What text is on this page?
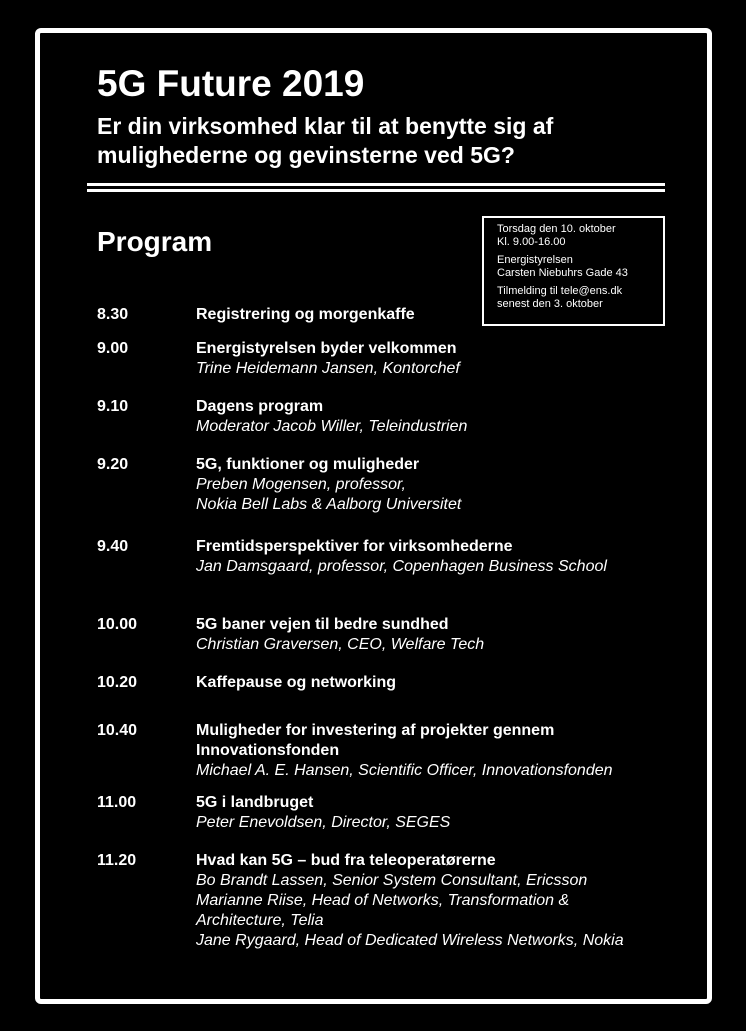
5G Future 2019
Er din virksomhed klar til at benytte sig af mulighederne og gevinsterne ved 5G?
Program	Torsdag den 10. oktober
Kl. 9.00-16.00
Energistyrelsen
Carsten Niebuhrs Gade 43
Tilmelding til tele@ens.dk
senest den 3. oktober
8.30	Registrering og morgenkaffe
9.00	Energistyrelsen byder velkommen
Trine Heidemann Jansen, Kontorchef
9.10	Dagens program
Moderator Jacob Willer, Teleindustrien
9.20	5G, funktioner og muligheder
Preben Mogensen, professor,
Nokia Bell Labs & Aalborg Universitet
9.40	Fremtidsperspektiver for virksomhederne
Jan Damsgaard, professor, Copenhagen Business School
10.00	5G baner vejen til bedre sundhed
Christian Graversen, CEO, Welfare Tech
10.20	Kaffepause og networking
10.40	Muligheder for investering af projekter gennem
Innovationsfonden
Michael A. E. Hansen, Scientific Officer, Innovationsfonden
11.00	5G i landbruget
Peter Enevoldsen, Director, SEGES
11.20	Hvad kan 5G – bud fra teleoperatørerne
Bo Brandt Lassen, Senior System Consultant, Ericsson
Marianne Riise, Head of Networks, Transformation &
Architecture, Telia
Jane Rygaard, Head of Dedicated Wireless Networks, Nokia
